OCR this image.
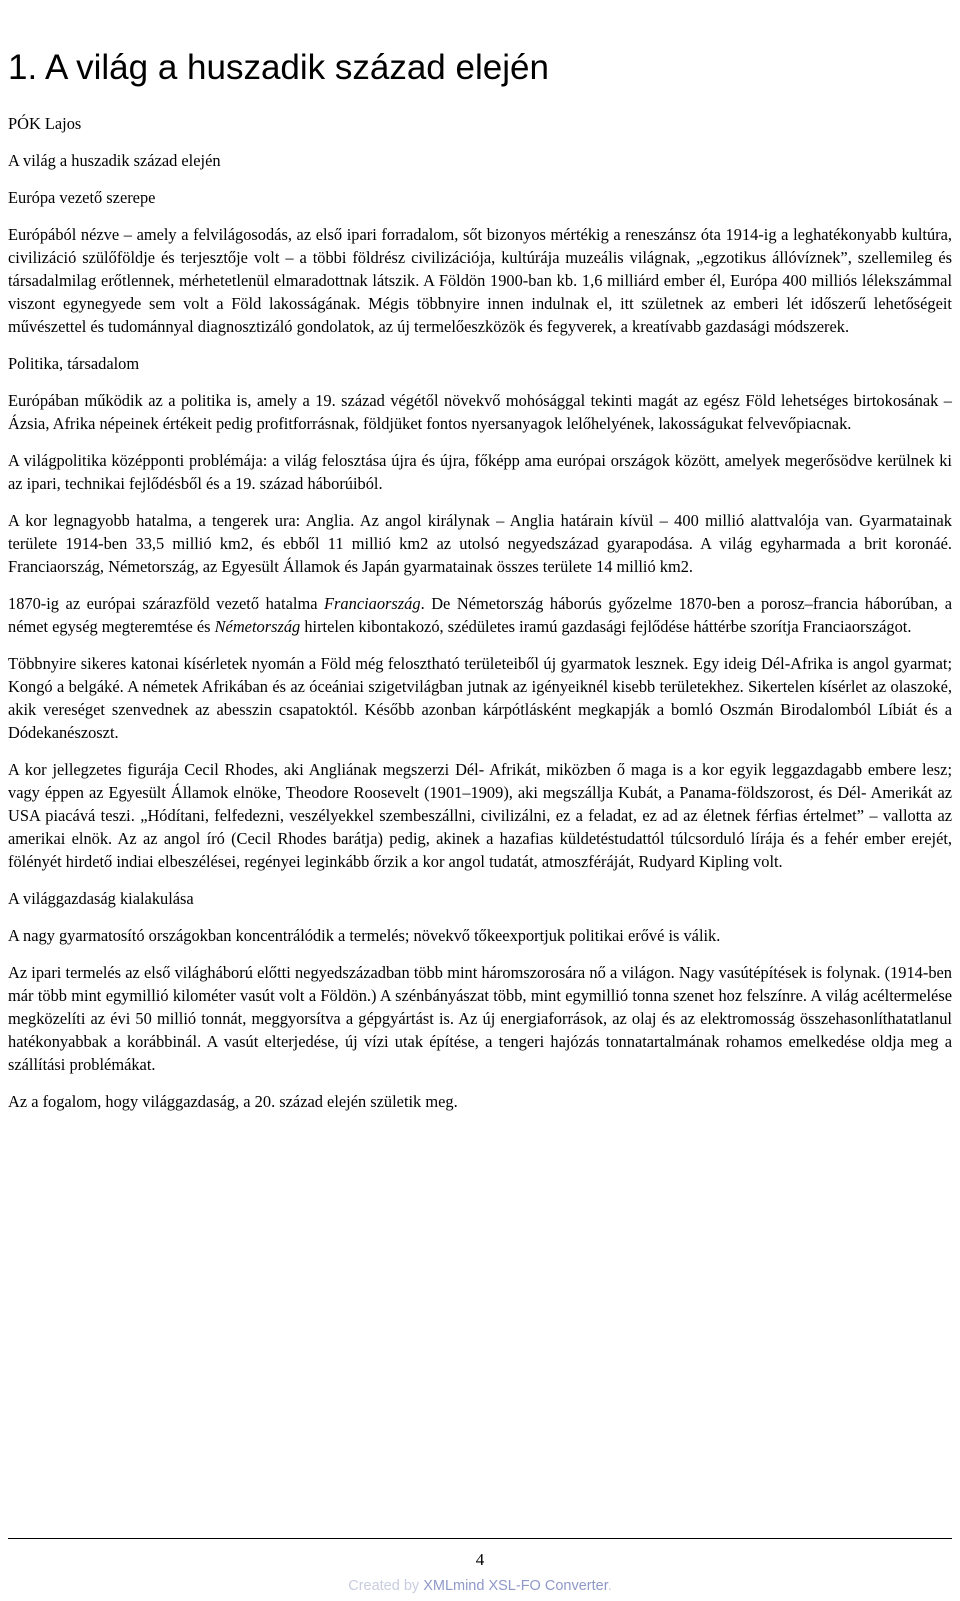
1. A világ a huszadik század elején

PÓK Lajos

A világ a huszadik század elején

Európa vezető szerepe

Európából nézve – amely a felvilágosodás, az első ipari forradalom, sőt bizonyos mértékig a reneszánsz óta 1914-ig a leghatékonyabb kultúra, civilizáció szülőföldje és terjesztője volt – a többi földrész civilizációja, kultúrája muzeális világnak, „egzotikus állóvíznek”, szellemileg és társadalmilag erőtlennek, mérhetetlenül elmaradottnak látszik. A Földön 1900-ban kb. 1,6 milliárd ember él, Európa 400 milliós lélekszámmal viszont egynegyede sem volt a Föld lakosságának. Mégis többnyire innen indulnak el, itt születnek az emberi lét időszerű lehetőségeit művészettel és tudománnyal diagnosztizáló gondolatok, az új termelőeszközök és fegyverek, a kreatívabb gazdasági módszerek.

Politika, társadalom

Európában működik az a politika is, amely a 19. század végétől növekvő mohósággal tekinti magát az egész Föld lehetséges birtokosának – Ázsia, Afrika népeinek értékeit pedig profitforrásnak, földjüket fontos nyersanyagok lelőhelyének, lakosságukat felvevőpiacnak.

A világpolitika középponti problémája: a világ felosztása újra és újra, főképp ama európai országok között, amelyek megerősödve kerülnek ki az ipari, technikai fejlődésből és a 19. század háborúiból.

A kor legnagyobb hatalma, a tengerek ura: Anglia. Az angol királynak – Anglia határain kívül – 400 millió alattvalója van. Gyarmatainak területe 1914-ben 33,5 millió km2, és ebből 11 millió km2 az utolsó negyedszázad gyarapodása. A világ egyharmada a brit koronáé. Franciaország, Németország, az Egyesült Államok és Japán gyarmatainak összes területe 14 millió km2.

1870-ig az európai szárazföld vezető hatalma Franciaország. De Németország háborús győzelme 1870-ben a porosz–francia háborúban, a német egység megteremtése és Németország hirtelen kibontakozó, szédületes iramú gazdasági fejlődése háttérbe szorítja Franciaországot.

Többnyire sikeres katonai kísérletek nyomán a Föld még felosztható területeiből új gyarmatok lesznek. Egy ideig Dél-Afrika is angol gyarmat; Kongó a belgáké. A németek Afrikában és az óceániai szigetvilágban jutnak az igényeiknél kisebb területekhez. Sikertelen kísérlet az olaszoké, akik vereséget szenvednek az abesszin csapatoktól. Később azonban kárpótlásként megkapják a bomló Oszmán Birodalomból Líbiát és a Dódekanészoszt.

A kor jellegzetes figurája Cecil Rhodes, aki Angliának megszerzi Dél- Afrikát, miközben ő maga is a kor egyik leggazdagabb embere lesz; vagy éppen az Egyesült Államok elnöke, Theodore Roosevelt (1901–1909), aki megszállja Kubát, a Panama-földszorost, és Dél- Amerikát az USA piacává teszi. „Hódítani, felfedezni, veszélyekkel szembeszállni, civilizálni, ez a feladat, ez ad az életnek férfias értelmet” – vallotta az amerikai elnök. Az az angol író (Cecil Rhodes barátja) pedig, akinek a hazafias küldetéstudattól túlcsorduló lírája és a fehér ember erejét, fölényét hirdető indiai elbeszélései, regényei leginkább őrzik a kor angol tudatát, atmoszféráját, Rudyard Kipling volt.

A világgazdaság kialakulása

A nagy gyarmatosító országokban koncentrálódik a termelés; növekvő tőkeexportjuk politikai erővé is válik.

Az ipari termelés az első világháború előtti negyedszázadban több mint háromszorosára nő a világon. Nagy vasútépítések is folynak. (1914-ben már több mint egymillió kilométer vasút volt a Földön.) A szénbányászat több, mint egymillió tonna szenet hoz felszínre. A világ acéltermelése megközelíti az évi 50 millió tonnát, meggyorsítva a gépgyártást is. Az új energiaforrások, az olaj és az elektromosság összehasonlíthatatlanul hatékonyabbak a korábbinál. A vasút elterjedése, új vízi utak építése, a tengeri hajózás tonnatartalmának rohamos emelkedése oldja meg a szállítási problémákat.

Az a fogalom, hogy világgazdaság, a 20. század elején születik meg.

4
Created by XMLmind XSL-FO Converter.
